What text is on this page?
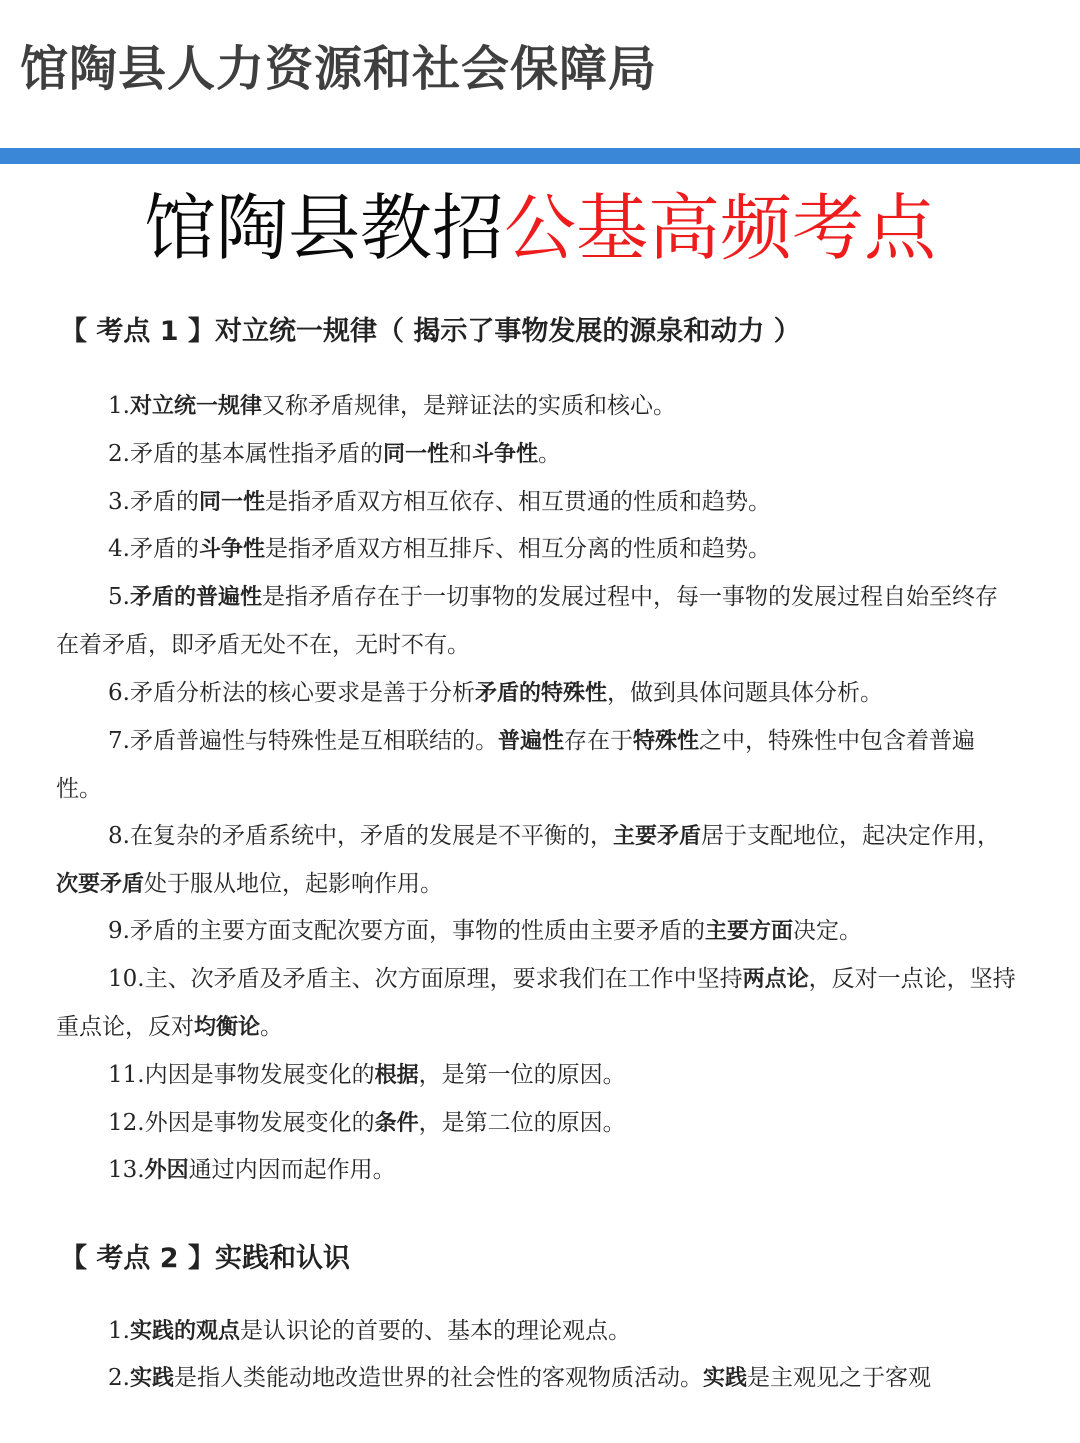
馆陶县人力资源和社会保障局
馆陶县教招公基高频考点
【 考点 1 】对立统一规律（ 揭示了事物发展的源泉和动力 ）
1.对立统一规律又称矛盾规律，是辩证法的实质和核心。
2.矛盾的基本属性指矛盾的同一性和斗争性。
3.矛盾的同一性是指矛盾双方相互依存、相互贯通的性质和趋势。
4.矛盾的斗争性是指矛盾双方相互排斥、相互分离的性质和趋势。
5.矛盾的普遍性是指矛盾存在于一切事物的发展过程中，每一事物的发展过程自始至终存在着矛盾，即矛盾无处不在，无时不有。
6.矛盾分析法的核心要求是善于分析矛盾的特殊性，做到具体问题具体分析。
7.矛盾普遍性与特殊性是互相联结的。普遍性存在于特殊性之中，特殊性中包含着普遍性。
8.在复杂的矛盾系统中，矛盾的发展是不平衡的，主要矛盾居于支配地位，起决定作用，次要矛盾处于服从地位，起影响作用。
9.矛盾的主要方面支配次要方面，事物的性质由主要矛盾的主要方面决定。
10.主、次矛盾及矛盾主、次方面原理，要求我们在工作中坚持两点论，反对一点论，坚持重点论，反对均衡论。
11.内因是事物发展变化的根据，是第一位的原因。
12.外因是事物发展变化的条件，是第二位的原因。
13.外因通过内因而起作用。
【 考点 2 】实践和认识
1.实践的观点是认识论的首要的、基本的理论观点。
2.实践是指人类能动地改造世界的社会性的客观物质活动。实践是主观见之于客观
